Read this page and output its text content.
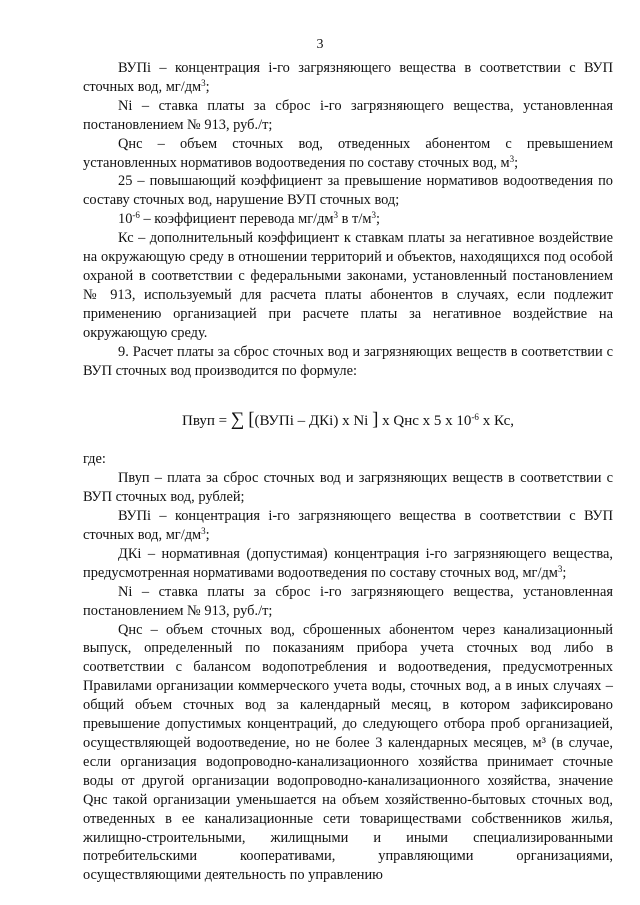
3

ВУПi – концентрация i-го загрязняющего вещества в соответствии с ВУП сточных вод, $мг/дм^3$;

Ni – ставка платы за сброс i-го загрязняющего вещества, установленная постановлением № 913, руб./т;

Qнс – объем сточных вод, отведенных абонентом с превышением установленных нормативов водоотведения по составу сточных вод, $м^3$;

25 – повышающий коэффициент за превышение нормативов водоотведения по составу сточных вод, нарушение ВУП сточных вод;

$10^{-6}$ – коэффициент перевода $мг/дм^3$ в $т/м^3$;

Кс – дополнительный коэффициент к ставкам платы за негативное воздействие на окружающую среду в отношении территорий и объектов, находящихся под особой охраной в соответствии с федеральными законами, установленный постановлением № 913, используемый для расчета платы абонентов в случаях, если подлежит применению организацией при расчете платы за негативное воздействие на окружающую среду.

9. Расчет платы за сброс сточных вод и загрязняющих веществ в соответствии с ВУП сточных вод производится по формуле:

Пвуп = ∑ [(ВУПi – ДКi) x Ni ] x Qнс x 5 x $10^{-6}$ x Кс,

где:

Пвуп – плата за сброс сточных вод и загрязняющих веществ в соответствии с ВУП сточных вод, рублей;

ВУПi – концентрация i-го загрязняющего вещества в соответствии с ВУП сточных вод, $мг/дм^3$;

ДКi – нормативная (допустимая) концентрация i-го загрязняющего вещества, предусмотренная нормативами водоотведения по составу сточных вод, $мг/дм^3$;

Ni – ставка платы за сброс i-го загрязняющего вещества, установленная постановлением № 913, руб./т;

Qнс – объем сточных вод, сброшенных абонентом через канализационный выпуск, определенный по показаниям прибора учета сточных вод либо в соответствии с балансом водопотребления и водоотведения, предусмотренных Правилами организации коммерческого учета воды, сточных вод, а в иных случаях – общий объем сточных вод за календарный месяц, в котором зафиксировано превышение допустимых концентраций, до следующего отбора проб организацией, осуществляющей водоотведение, но не более 3 календарных месяцев, м³ (в случае, если организация водопроводно-канализационного хозяйства принимает сточные воды от другой организации водопроводно-канализационного хозяйства, значение Qнс такой организации уменьшается на объем хозяйственно-бытовых сточных вод, отведенных в ее канализационные сети товариществами собственников жилья, жилищно-строительными, жилищными и иными специализированными потребительскими кооперативами, управляющими организациями, осуществляющими деятельность по управлению
